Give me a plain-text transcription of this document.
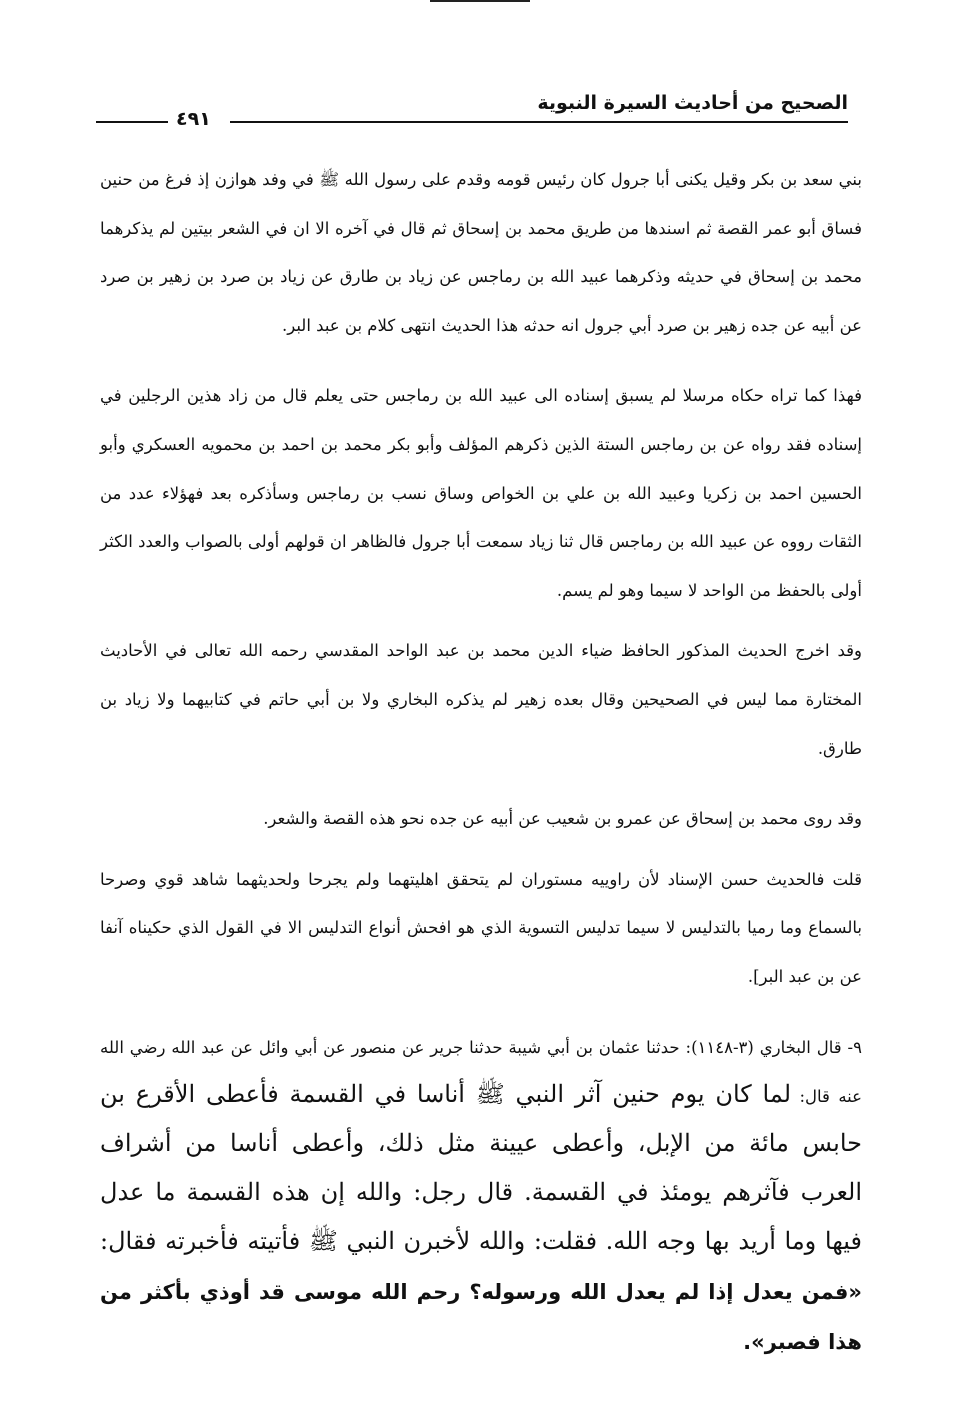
الصحيح من أحاديث السيرة النبوية
٤٩١

بني سعد بن بكر وقيل يكنى أبا جرول كان رئيس قومه وقدم على رسول الله ﷺ في وفد هوازن إذ فرغ من حنين فساق أبو عمر القصة ثم اسندها من طريق محمد بن إسحاق ثم قال في آخره الا ان في الشعر بيتين لم يذكرهما محمد بن إسحاق في حديثه وذكرهما عبيد الله بن رماجس عن زياد بن طارق عن زياد بن صرد بن زهير بن صرد عن أبيه عن جده زهير بن صرد أبي جرول انه حدثه هذا الحديث انتهى كلام بن عبد البر.

فهذا كما تراه حكاه مرسلا لم يسبق إسناده الى عبيد الله بن رماجس حتى يعلم قال من زاد هذين الرجلين في إسناده فقد رواه عن بن رماجس الستة الذين ذكرهم المؤلف وأبو بكر محمد بن احمد بن محمويه العسكري وأبو الحسين احمد بن زكريا وعبيد الله بن علي بن الخواص وساق نسب بن رماجس وسأذكره بعد فهؤلاء عدد من الثقات رووه عن عبيد الله بن رماجس قال ثنا زياد سمعت أبا جرول فالظاهر ان قولهم أولى بالصواب والعدد الكثر أولى بالحفظ من الواحد لا سيما وهو لم يسم.

وقد اخرج الحديث المذكور الحافظ ضياء الدين محمد بن عبد الواحد المقدسي رحمه الله تعالى في الأحاديث المختارة مما ليس في الصحيحين وقال بعده زهير لم يذكره البخاري ولا بن أبي حاتم في كتابيهما ولا زياد بن طارق.

وقد روى محمد بن إسحاق عن عمرو بن شعيب عن أبيه عن جده نحو هذه القصة والشعر.

قلت فالحديث حسن الإسناد لأن راوييه مستوران لم يتحقق اهليتهما ولم يجرحا ولحديثهما شاهد قوي وصرحا بالسماع وما رميا بالتدليس لا سيما تدليس التسوية الذي هو افحش أنواع التدليس الا في القول الذي حكيناه آنفا عن بن عبد البر].

٩- قال البخاري (٣-١١٤٨): حدثنا عثمان بن أبي شيبة حدثنا جرير عن منصور عن أبي وائل عن عبد الله رضي الله عنه قال: لما كان يوم حنين آثر النبي ﷺ أناسا في القسمة فأعطى الأقرع بن حابس مائة من الإبل، وأعطى عيينة مثل ذلك، وأعطى أناسا من أشراف العرب فآثرهم يومئذ في القسمة. قال رجل: والله إن هذه القسمة ما عدل فيها وما أريد بها وجه الله. فقلت: والله لأخبرن النبي ﷺ فأتيته فأخبرته فقال: «فمن يعدل إذا لم يعدل الله ورسوله؟ رحم الله موسى قد أوذي بأكثر من هذا فصبر».
